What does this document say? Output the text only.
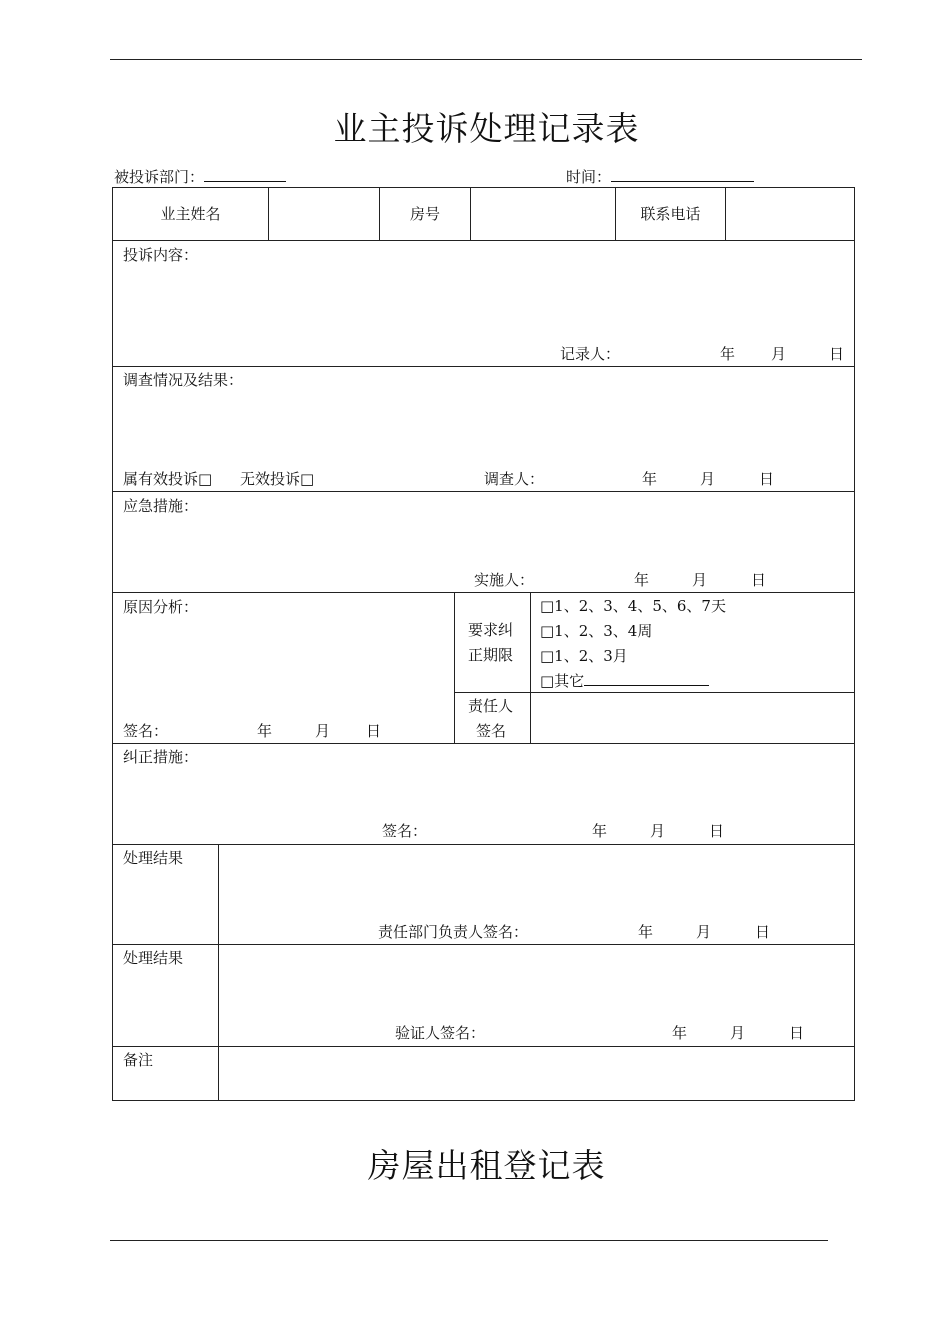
业主投诉处理记录表
被投诉部门：	时间：
业主姓名	房号	联系电话
投诉内容：
记录人：	年 月	日
调查情况及结果：
属有效投诉□ 无效投诉□	调查人：	年	月	日
应急措施：
实施人：	年	月	日
原因分析：
签名：	年	月 日
要求纠
正期限
□1、2、3、4、5、6、7天
□1、2、3、4周
□1、2、3月
□其它
责任人
签名
纠正措施：
签名：	年	月	日
处理结果
责任部门负责人签名：	年	月	日
处理结果
验证人签名：	年	月	日
备注
房屋出租登记表
